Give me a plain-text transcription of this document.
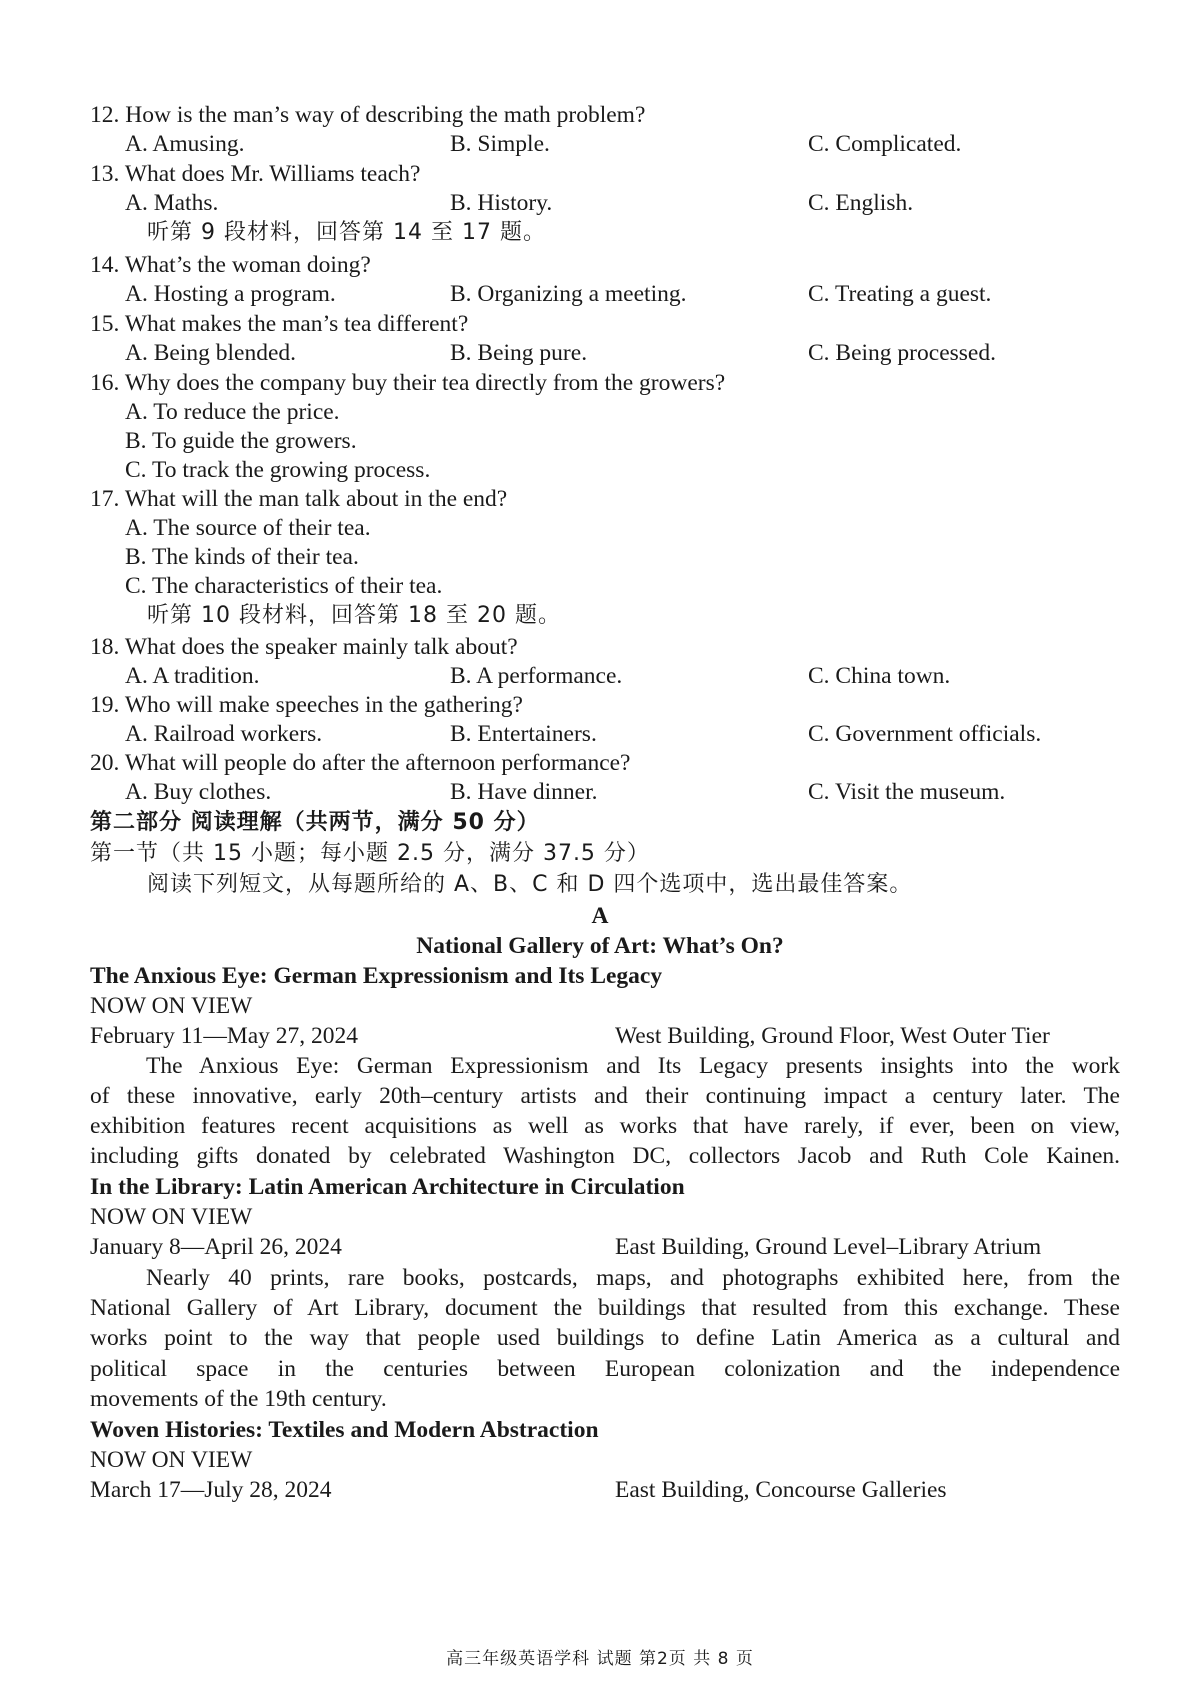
12. How is the man’s way of describing the math problem?
A. Amusing.	B. Simple.	C. Complicated.
13. What does Mr. Williams teach?
A. Maths.	B. History.	C. English.
听第 9 段材料，回答第 14 至 17 题。
14. What’s the woman doing?
A. Hosting a program.	B. Organizing a meeting.	C. Treating a guest.
15. What makes the man’s tea different?
A. Being blended.	B. Being pure.	C. Being processed.
16. Why does the company buy their tea directly from the growers?
A. To reduce the price.
B. To guide the growers.
C. To track the growing process.
17. What will the man talk about in the end?
A. The source of their tea.
B. The kinds of their tea.
C. The characteristics of their tea.
听第 10 段材料，回答第 18 至 20 题。
18. What does the speaker mainly talk about?
A. A tradition.	B. A performance.	C. China town.
19. Who will make speeches in the gathering?
A. Railroad workers.	B. Entertainers.	C. Government officials.
20. What will people do after the afternoon performance?
A. Buy clothes.	B. Have dinner.	C. Visit the museum.
第二部分 阅读理解（共两节，满分 50 分）
第一节（共 15 小题；每小题 2.5 分，满分 37.5 分）
阅读下列短文，从每题所给的 A、B、C 和 D 四个选项中，选出最佳答案。
A
National Gallery of Art: What’s On?
The Anxious Eye: German Expressionism and Its Legacy
NOW ON VIEW
February 11—May 27, 2024	West Building, Ground Floor, West Outer Tier
The Anxious Eye: German Expressionism and Its Legacy presents insights into the work
of these innovative, early 20th–century artists and their continuing impact a century later. The
exhibition features recent acquisitions as well as works that have rarely, if ever, been on view,
including gifts donated by celebrated Washington DC, collectors Jacob and Ruth Cole Kainen.
In the Library: Latin American Architecture in Circulation
NOW ON VIEW
January 8—April 26, 2024	East Building, Ground Level–Library Atrium
Nearly 40 prints, rare books, postcards, maps, and photographs exhibited here, from the
National Gallery of Art Library, document the buildings that resulted from this exchange. These
works point to the way that people used buildings to define Latin America as a cultural and
political space in the centuries between European colonization and the independence
movements of the 19th century.
Woven Histories: Textiles and Modern Abstraction
NOW ON VIEW
March 17—July 28, 2024	East Building, Concourse Galleries
高三年级英语学科 试题 第2页 共 8 页
